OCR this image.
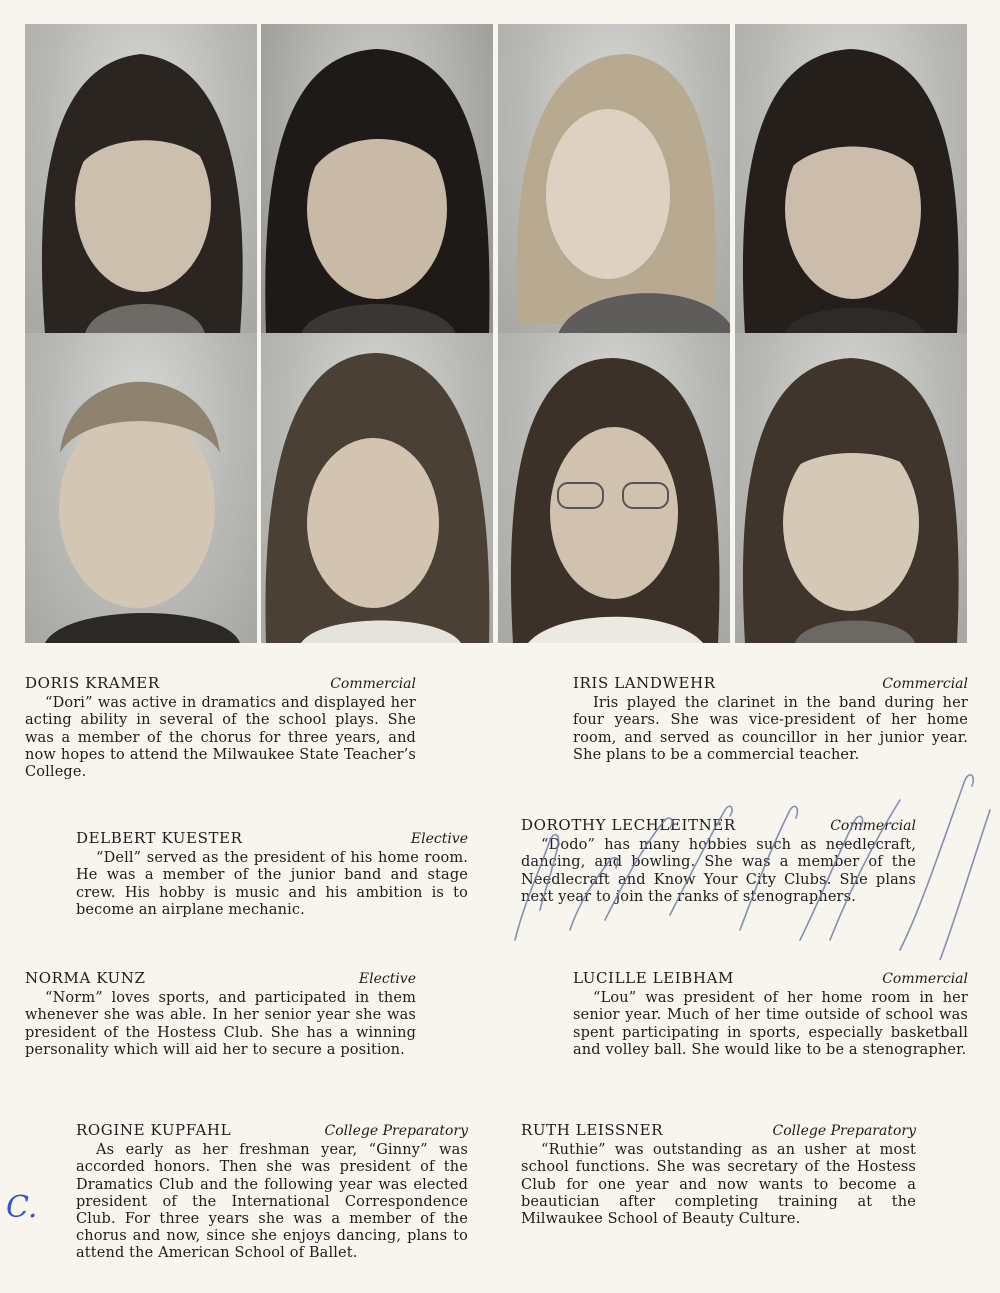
DORIS KRAMER	Commercial
“Dori” was active in dramatics and displayed her acting ability in several of the school plays. She was a member of the chorus for three years, and now hopes to attend the Milwaukee State Teacher’s College.
DELBERT KUESTER	Elective
“Dell” served as the president of his home room. He was a member of the junior band and stage crew. His hobby is music and his ambition is to become an airplane mechanic.
NORMA KUNZ	Elective
“Norm” loves sports, and participated in them whenever she was able. In her senior year she was president of the Hostess Club. She has a winning personality which will aid her to secure a position.
ROGINE KUPFAHL	College Preparatory
As early as her freshman year, “Ginny” was accorded honors. Then she was president of the Dramatics Club and the following year was elected president of the International Correspondence Club. For three years she was a member of the chorus and now, since she enjoys dancing, plans to attend the American School of Ballet.
IRIS LANDWEHR	Commercial
Iris played the clarinet in the band during her four years. She was vice-president of her home room, and served as councillor in her junior year. She plans to be a commercial teacher.
DOROTHY LECHLEITNER	Commercial
“Dodo” has many hobbies such as needlecraft, dancing, and bowling. She was a member of the Needlecraft and Know Your City Clubs. She plans next year to join the ranks of stenographers.
LUCILLE LEIBHAM	Commercial
“Lou” was president of her home room in her senior year. Much of her time outside of school was spent participating in sports, especially basketball and volley ball. She would like to be a stenographer.
RUTH LEISSNER	College Preparatory
“Ruthie” was outstanding as an usher at most school functions. She was secretary of the Hostess Club for one year and now wants to become a beautician after completing training at the Milwaukee School of Beauty Culture.
C.
